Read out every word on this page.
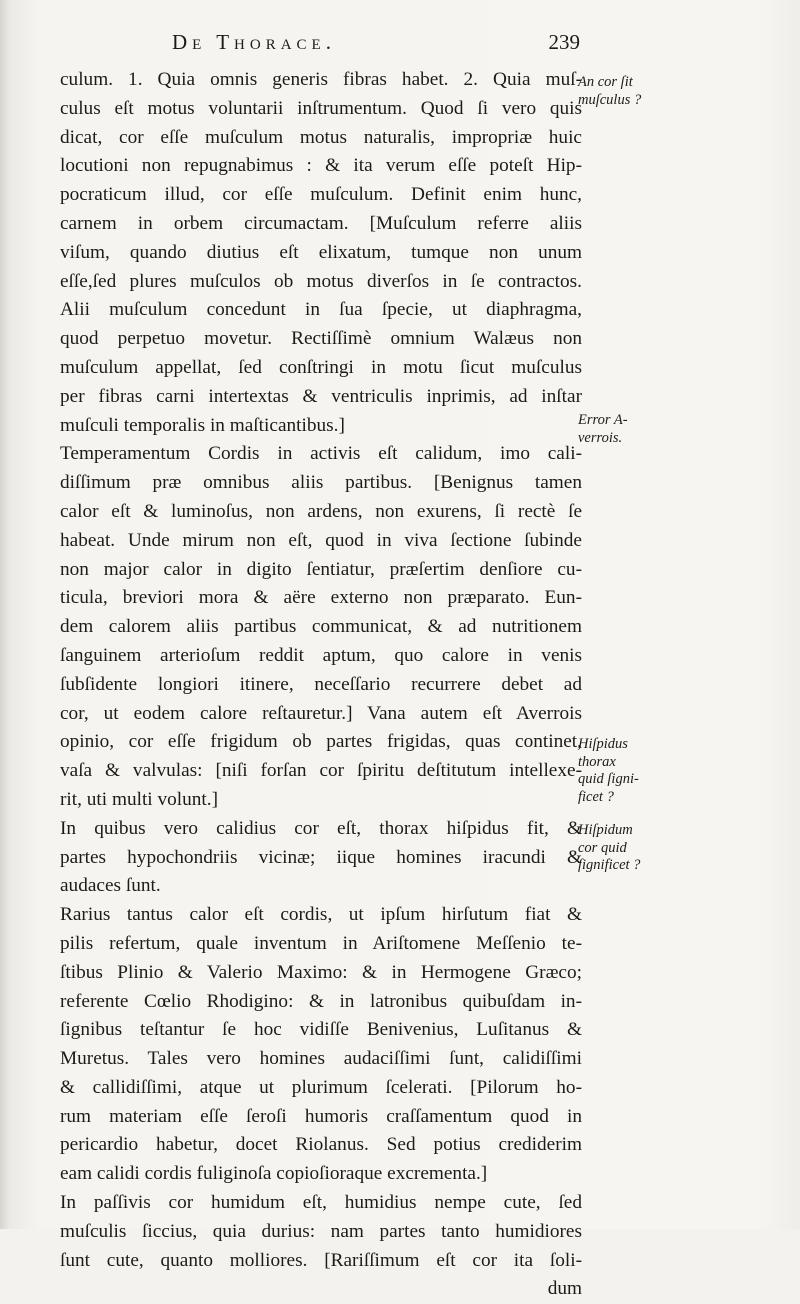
De Thorace.	239
culum. 1. Quia omnis generis fibras habet. 2. Quia muſ-
culus eſt motus voluntarii inſtrumentum. Quod ſi vero quis
dicat, cor eſſe muſculum motus naturalis, impropriæ huic
locutioni non repugnabimus : & ita verum eſſe poteſt Hip-
pocraticum illud, cor eſſe muſculum. Definit enim hunc,
carnem in orbem circumactam. [Muſculum referre aliis
viſum, quando diutius eſt elixatum, tumque non unum
eſſe,ſed plures muſculos ob motus diverſos in ſe contractos.
Alii muſculum concedunt in ſua ſpecie, ut diaphragma,
quod perpetuo movetur. Rectiſſimè omnium Walæus non
muſculum appellat, ſed conſtringi in motu ſicut muſculus
per fibras carni intertextas & ventriculis inprimis, ad inſtar
muſculi temporalis in maſticantibus.]
Temperamentum Cordis in activis eſt calidum, imo cali-
diſſimum præ omnibus aliis partibus. [Benignus tamen
calor eſt & luminoſus, non ardens, non exurens, ſi rectè ſe
habeat. Unde mirum non eſt, quod in viva ſectione ſubinde
non major calor in digito ſentiatur, præſertim denſiore cu-
ticula, breviori mora & aëre externo non præparato. Eun-
dem calorem aliis partibus communicat, & ad nutritionem
ſanguinem arterioſum reddit aptum, quo calore in venis
ſubſidente longiori itinere, neceſſario recurrere debet ad
cor, ut eodem calore reſtauretur.] Vana autem eſt Averrois
opinio, cor eſſe frigidum ob partes frigidas, quas continet,
vaſa & valvulas: [niſi forſan cor ſpiritu deſtitutum intellexe-
rit, uti multi volunt.]
In quibus vero calidius cor eſt, thorax hiſpidus fit, &
partes hypochondriis vicinæ; iique homines iracundi &
audaces ſunt.
Rarius tantus calor eſt cordis, ut ipſum hirſutum fiat &
pilis refertum, quale inventum in Ariſtomene Meſſenio te-
ſtibus Plinio & Valerio Maximo: & in Hermogene Græco;
referente Cœlio Rhodigino: & in latronibus quibuſdam in-
ſignibus teſtantur ſe hoc vidiſſe Benivenius, Luſitanus &
Muretus. Tales vero homines audaciſſimi ſunt, calidiſſimi
& callidiſſimi, atque ut plurimum ſcelerati. [Pilorum ho-
rum materiam eſſe ſeroſi humoris craſſamentum quod in
pericardio habetur, docet Riolanus. Sed potius crediderim
eam calidi cordis fuliginoſa copioſioraque excrementa.]
In paſſivis cor humidum eſt, humidius nempe cute, ſed
muſculis ſiccius, quia durius: nam partes tanto humidiores
ſunt cute, quanto molliores. [Rariſſimum eſt cor ita ſoli-
dum
An cor ſit
muſculus ?
Error A-
verrois.
Hiſpidus
thorax
quid ſigni-
ficet ?
Hiſpidum
cor quid
ſignificet ?
